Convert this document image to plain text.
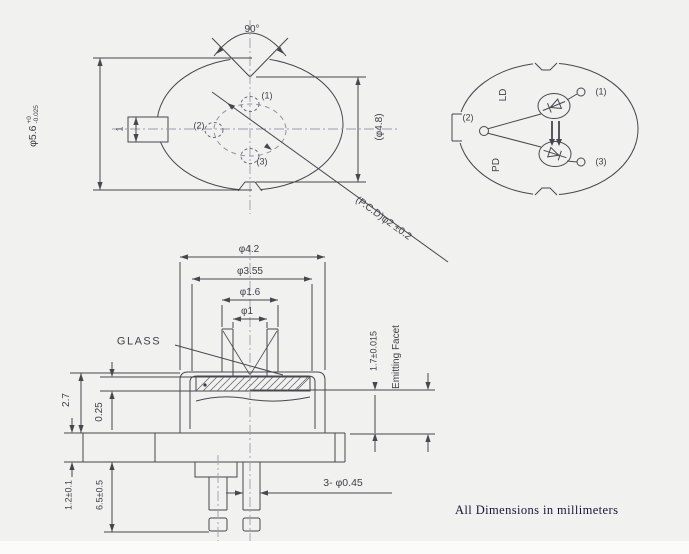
90°
φ5.6
+0 -0.025
1	(φ4.8)
(1)
(2)
(3)
(P.C.D)φ2 ±0.2
LD
PD
(1)
(2)
(3)
φ4.2
φ3.55
φ1.6
φ1
GLASS
2.7
0.25
1.7±0.015 Emitting Facet
1.2±0.1 6.5±0.5	3- φ0.45
All Dimensions in millimeters
